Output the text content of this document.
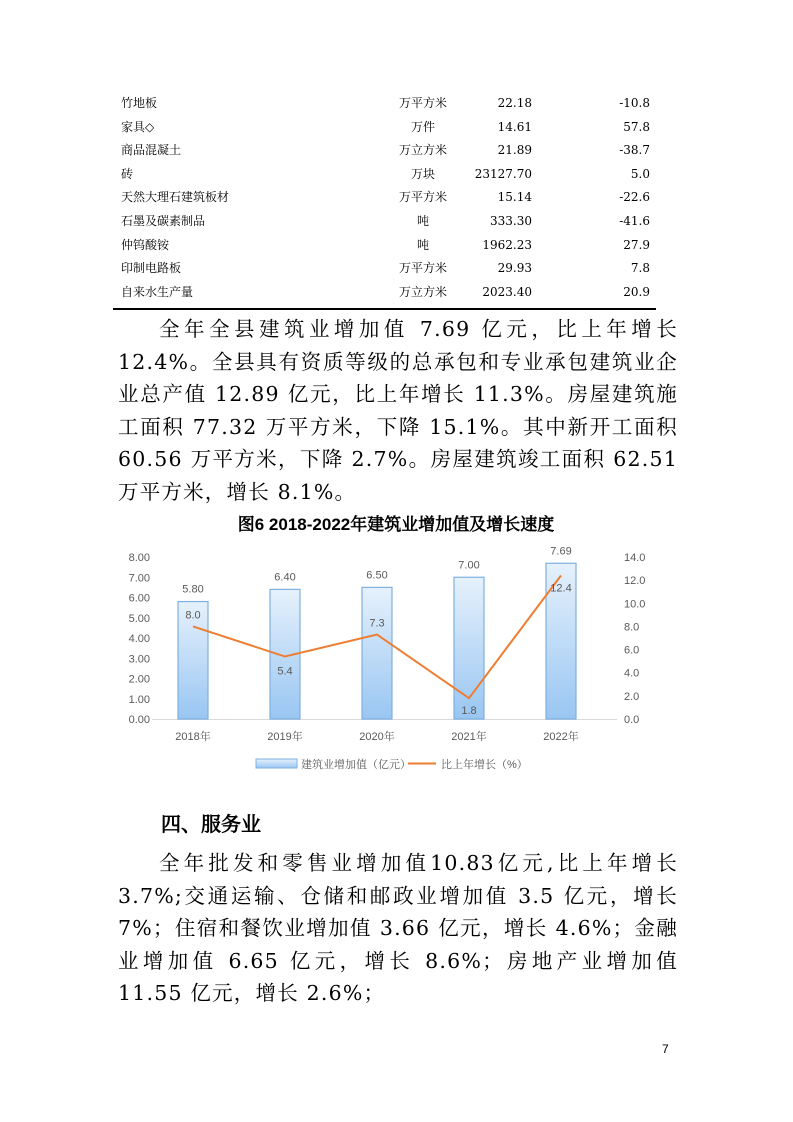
竹地板	万平方米	22.18	-10.8
家具◇	万件	14.61	57.8
商品混凝土	万立方米	21.89	-38.7
砖	万块	23127.70	5.0
天然大理石建筑板材	万平方米	15.14	-22.6
石墨及碳素制品	吨	333.30	-41.6
仲钨酸铵	吨	1962.23	27.9
印制电路板	万平方米	29.93	7.8
自来水生产量	万立方米	2023.40	20.9

全年全县建筑业增加值 7.69 亿元，比上年增长 12.4%。全县具有资质等级的总承包和专业承包建筑业企业总产值 12.89 亿元，比上年增长 11.3%。房屋建筑施工面积 77.32 万平方米，下降 15.1%。其中新开工面积 60.56 万平方米，下降 2.7%。房屋建筑竣工面积 62.51 万平方米，增长 8.1%。

图6 2018-2022年建筑业增加值及增长速度
0.00
1.00
2.00
3.00
4.00
5.00
6.00
7.00
8.00
0.0
2.0
4.0
6.0
8.0
10.0
12.0
14.0
5.80
6.40	6.50
7.00
7.69
2018年	2019年	2020年	2021年	2022年
8.0
5.4
7.3
1.8
12.4
建筑业增加值（亿元）	比上年增长（%）
四、服务业

全年批发和零售业增加值10.83亿元,比上年增长3.7%;交通运输、仓储和邮政业增加值 3.5 亿元，增长 7%；住宿和餐饮业增加值 3.66 亿元，增长 4.6%；金融业增加值 6.65 亿元，增长 8.6%；房地产业增加值 11.55 亿元，增长 2.6%；

7
